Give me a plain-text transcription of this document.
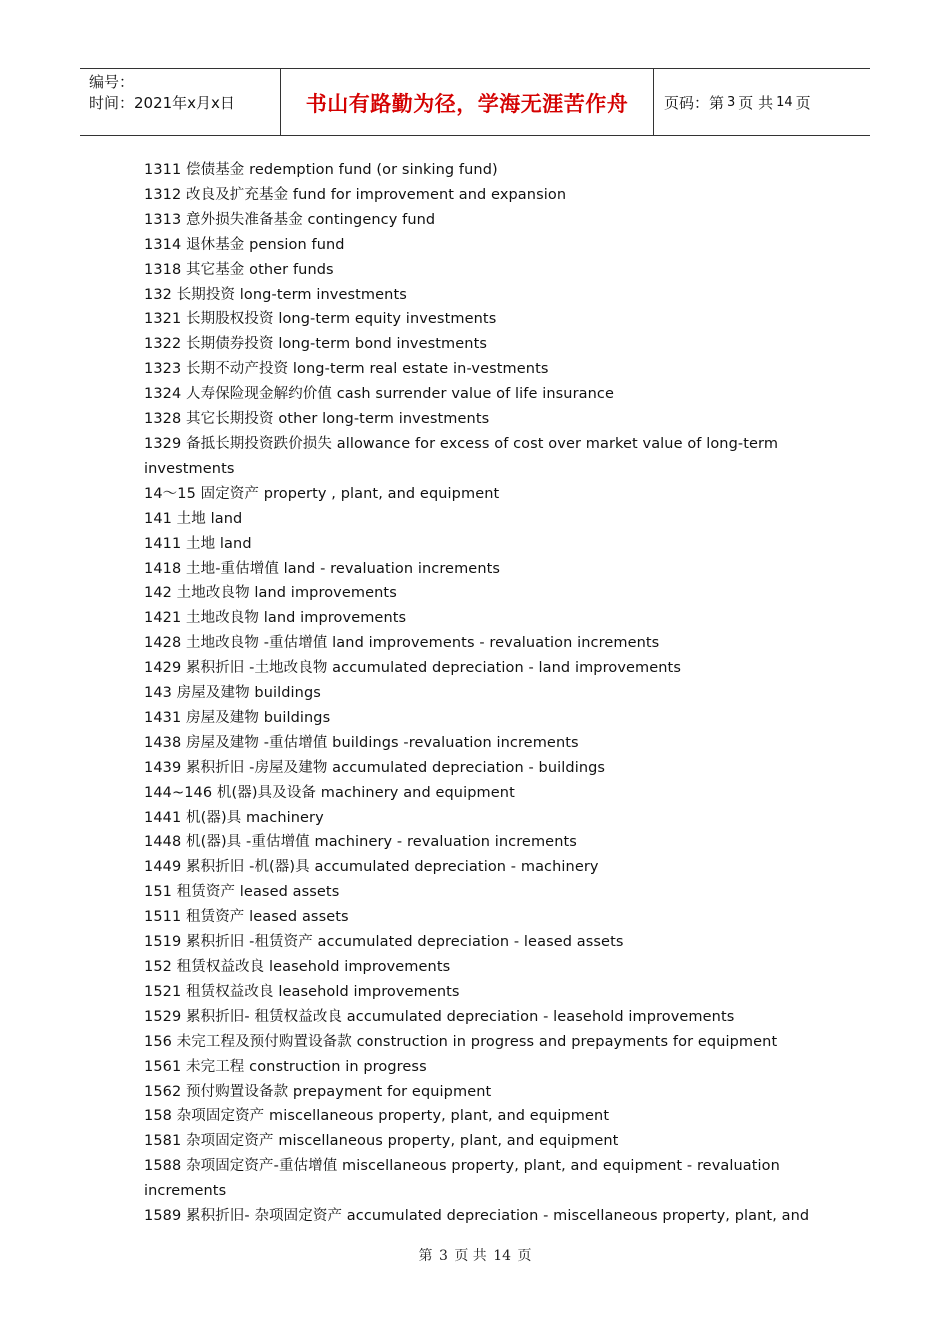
编号：
时间：2021年x月x日	书山有路勤为径，学海无涯苦作舟 页码：第 3 页 共 14 页
1311 偿债基金 redemption fund (or sinking fund)
1312 改良及扩充基金 fund for improvement and expansion
1313 意外损失准备基金 contingency fund
1314 退休基金 pension fund
1318 其它基金 other funds
132 长期投资 long-term investments
1321 长期股权投资 long-term equity investments
1322 长期债券投资 long-term bond investments
1323 长期不动产投资 long-term real estate in-vestments
1324 人寿保险现金解约价值 cash surrender value of life insurance
1328 其它长期投资 other long-term investments
1329 备抵长期投资跌价损失 allowance for excess of cost over market value of long-term investments
14～15 固定资产 property , plant, and equipment
141 土地 land
1411 土地 land
1418 土地-重估增值 land - revaluation increments
142 土地改良物 land improvements
1421 土地改良物 land improvements
1428 土地改良物 -重估增值 land improvements - revaluation increments
1429 累积折旧 -土地改良物 accumulated depreciation - land improvements
143 房屋及建物 buildings
1431 房屋及建物 buildings
1438 房屋及建物 -重估增值 buildings -revaluation increments
1439 累积折旧 -房屋及建物 accumulated depreciation - buildings
144~146 机(器)具及设备 machinery and equipment
1441 机(器)具 machinery
1448 机(器)具 -重估增值 machinery - revaluation increments
1449 累积折旧 -机(器)具 accumulated depreciation - machinery
151 租赁资产 leased assets
1511 租赁资产 leased assets
1519 累积折旧 -租赁资产 accumulated depreciation - leased assets
152 租赁权益改良 leasehold improvements
1521 租赁权益改良 leasehold improvements
1529 累积折旧- 租赁权益改良 accumulated depreciation - leasehold improvements
156 未完工程及预付购置设备款 construction in progress and prepayments for equipment
1561 未完工程 construction in progress
1562 预付购置设备款 prepayment for equipment
158 杂项固定资产 miscellaneous property, plant, and equipment
1581 杂项固定资产 miscellaneous property, plant, and equipment
1588 杂项固定资产-重估增值 miscellaneous property, plant, and equipment - revaluation increments
1589 累积折旧- 杂项固定资产 accumulated depreciation - miscellaneous property, plant, and
第 3 页 共 14 页
